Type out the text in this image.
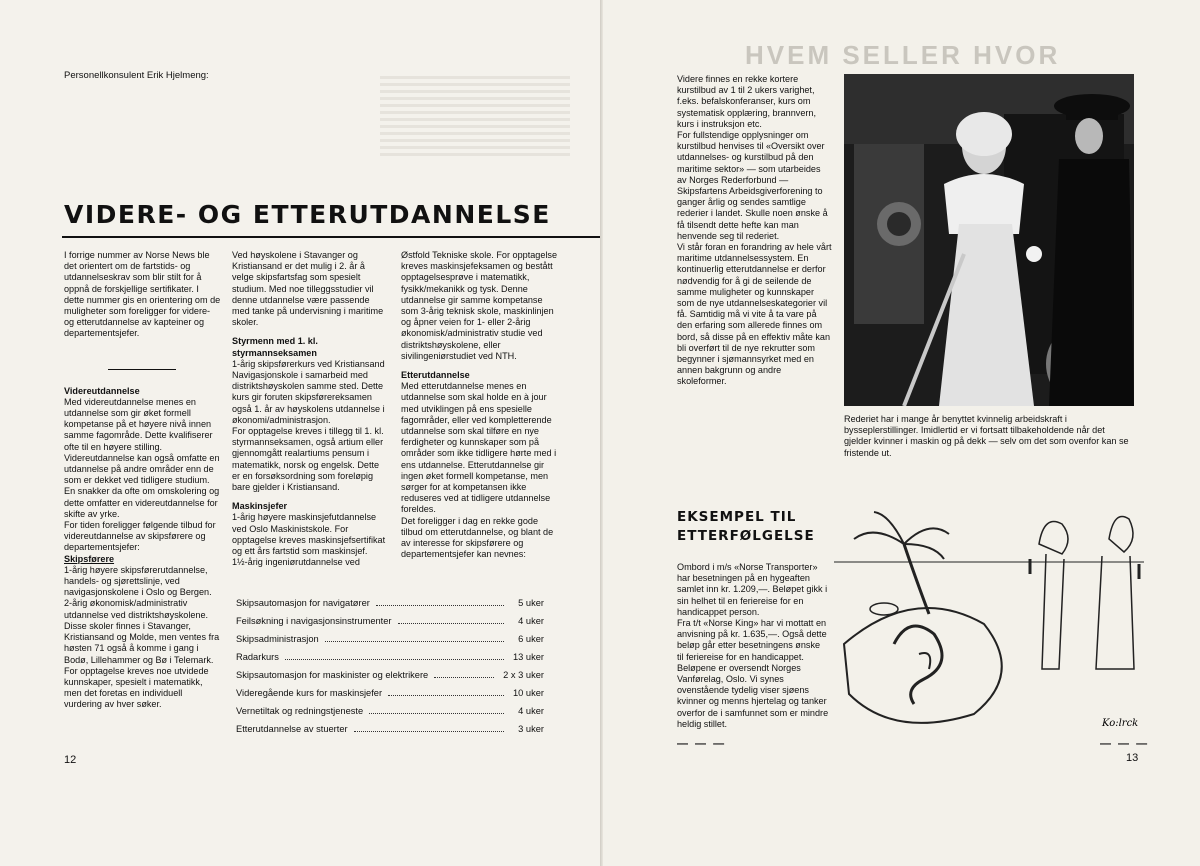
Personellkonsulent Erik Hjelmeng:
VIDERE- OG ETTERUTDANNELSE

I forrige nummer av Norse News ble det orientert om de fartstids- og utdannelseskrav som blir stilt for å oppnå de forskjellige sertifikater. I dette nummer gis en orientering om de muligheter som foreligger for videre- og etterutdannelse av kapteiner og departementsjefer.

Videreutdannelse

Med videreutdannelse menes en utdannelse som gir øket formell kompetanse på et høyere nivå innen samme fagområde. Dette kvalifiserer ofte til en høyere stilling.

Videreutdannelse kan også omfatte en utdannelse på andre områder enn de som er dekket ved tidligere studium. En snakker da ofte om omskolering og dette omfatter en videreutdannelse for skifte av yrke.

For tiden foreligger følgende tilbud for videreutdannelse av skipsførere og departementsjefer:

Skipsførere

1-årig høyere skipsførerutdannelse, handels- og sjørettslinje, ved navigasjonskolene i Oslo og Bergen.

2-årig økonomisk/administrativ utdannelse ved distriktshøyskolene. Disse skoler finnes i Stavanger, Kristiansand og Molde, men ventes fra høsten 71 også å komme i gang i Bodø, Lillehammer og Bø i Telemark. For opptagelse kreves noe utvidede kunnskaper, spesielt i matematikk, men det foretas en individuell vurdering av hver søker.

Ved høyskolene i Stavanger og Kristiansand er det mulig i 2. år å velge skipsfartsfag som spesielt studium. Med noe tilleggsstudier vil denne utdannelse være passende med tanke på undervisning i maritime skoler.

Styrmenn med 1. kl. styrmannseksamen

1-årig skipsførerkurs ved Kristiansand Navigasjonskole i samarbeid med distriktshøyskolen samme sted. Dette kurs gir foruten skipsførereksamen også 1. år av høyskolens utdannelse i økonomi/administrasjon.

For opptagelse kreves i tillegg til 1. kl. styrmannseksamen, også artium eller gjennomgått realartiums pensum i matematikk, norsk og engelsk. Dette er en forsøksordning som foreløpig bare gjelder i Kristiansand.

Maskinsjefer

1-årig høyere maskinsjefutdannelse ved Oslo Maskinistskole. For opptagelse kreves maskinsjefsertifikat og ett års fartstid som maskinsjef.

1½-årig ingeniørutdannelse ved

Østfold Tekniske skole. For opptagelse kreves maskinsjefeksamen og bestått opptagelsesprøve i matematikk, fysikk/mekanikk og tysk. Denne utdannelse gir samme kompetanse som 3-årig teknisk skole, maskinlinjen og åpner veien for 1- eller 2-årig økonomisk/administrativ studie ved distriktshøyskolene, eller sivilingeniørstudiet ved NTH.

Etterutdannelse

Med etterutdannelse menes en utdannelse som skal holde en à jour med utviklingen på ens spesielle fagområder, eller ved kompletterende utdannelse som skal tilføre en nye ferdigheter og kunnskaper som på områder som ikke tidligere hørte med i ens utdannelse. Etterutdannelse gir ingen øket formell kompetanse, men sørger for at kompetansen ikke reduseres ved at tidligere utdannelse foreldes.

Det foreligger i dag en rekke gode tilbud om etterutdannelse, og blant de av interesse for skipsførere og departementsjefer kan nevnes:

Skipsautomasjon for navigatører	5 uker
Feilsøkning i navigasjonsinstrumenter	4 uker
Skipsadministrasjon	6 uker
Radarkurs	13 uker
Skipsautomasjon for maskinister og elektrikere	2 x 3 uker
Videregående kurs for maskinsjefer	10 uker
Vernetiltak og redningstjeneste	4 uker
Etterutdannelse av stuerter	3 uker
12
HVEM SELLER HVOR

Videre finnes en rekke kortere kurstilbud av 1 til 2 ukers varighet, f.eks. befalskonferanser, kurs om systematisk opplæring, brannvern, kurs i instruksjon etc.

For fullstendige opplysninger om kurstilbud henvises til «Oversikt over utdannelses- og kurstilbud på den maritime sektor» — som utarbeides av Norges Rederforbund — Skipsfartens Arbeidsgiverforening to ganger årlig og sendes samtlige rederier i landet. Skulle noen ønske å få tilsendt dette hefte kan man henvende seg til rederiet.

Vi står foran en forandring av hele vårt maritime utdannelsessystem. En kontinuerlig etterutdannelse er derfor nødvendig for å gi de seilende de samme muligheter og kunnskaper som de nye utdannelseskategorier vil få. Samtidig må vi vite å ta vare på den erfaring som allerede finnes om bord, så disse på en effektiv måte kan bli overført til de nye rekrutter som begynner i sjømannsyrket med en annen bakgrunn og andre skoleformer.

Rederiet har i mange år benyttet kvinnelig arbeidskraft i bysseplerstillinger. Imidlertid er vi fortsatt tilbakeholdende når det gjelder kvinner i maskin og på dekk — selv om det som ovenfor kan se fristende ut.

EKSEMPEL TIL ETTERFØLGELSE

Ombord i m/s «Norse Transporter» har besetningen på en hygeaften samlet inn kr. 1.209,—. Beløpet gikk i sin helhet til en feriereise for en handicappet person.

Fra t/t «Norse King» har vi mottatt en anvisning på kr. 1.635,—. Også dette beløp går etter besetningens ønske til feriereise for en handicappet. Beløpene er oversendt Norges Vanførelag, Oslo. Vi synes ovenstående tydelig viser sjøens kvinner og menns hjertelag og tanker overfor de i samfunnet som er mindre heldig stillet.

— — —
Ko:lrck
— — —
13
